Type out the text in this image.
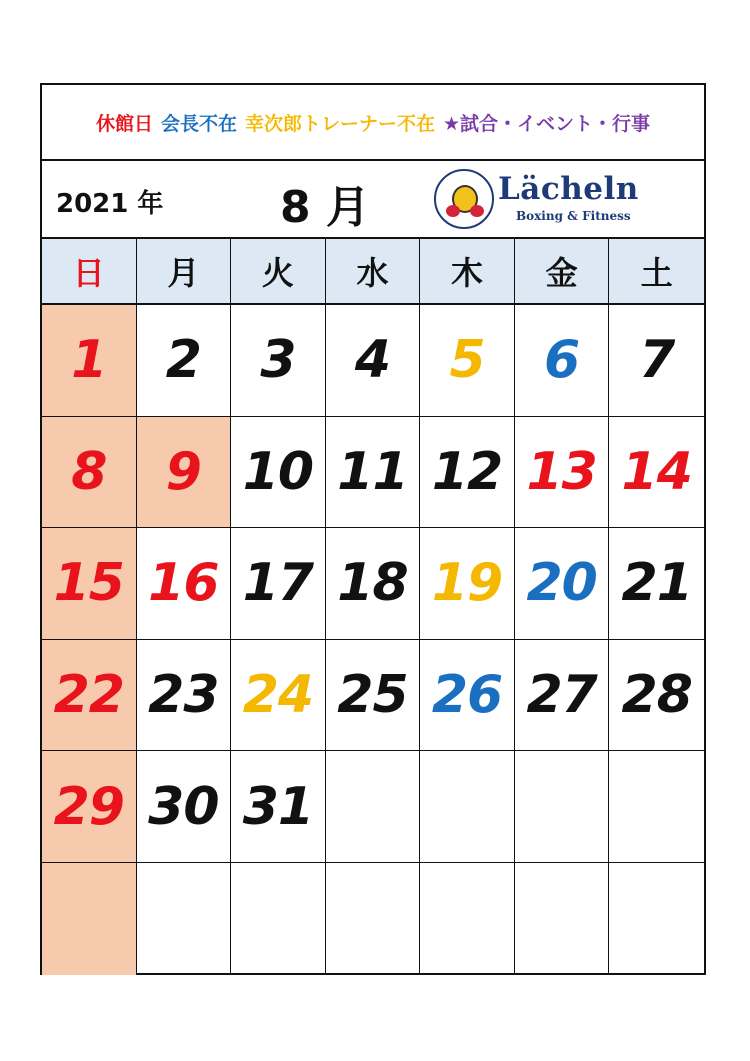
休館日 会長不在 幸次郎トレーナー不在 ★試合・イベント・行事
2021 年	8 月	Lächeln
Boxing & Fitness
日	月	火	水	木	金	土
1	2	3	4	5	6	7
8	9 10 11 12 13 14
15 16 17 18 19 20 21
22 23 24 25 26 27 28
29 30 31
